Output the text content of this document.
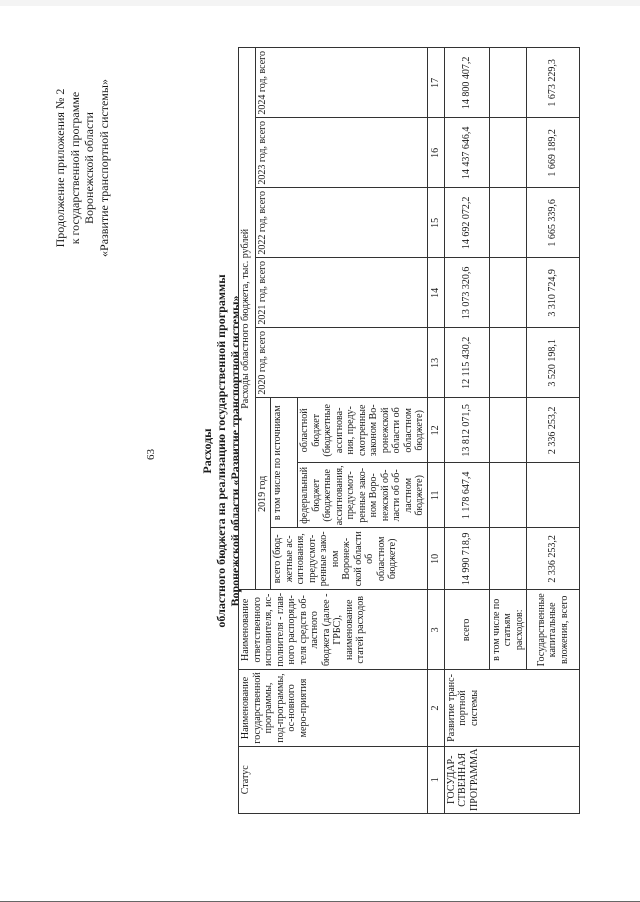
63
Продолжение приложения № 2 к государственной программе Воронежской области «Развитие транспортной системы»
Расходы областного бюджета на реализацию государственной программы Воронежской области «Развитие транспортной системы»
Статус	Наименование государственной программы, под-программы, ос-новного меро-приятия	Наименование ответственного исполнителя, ис-полнителя - глав-ного распоряди-теля средств об-ластного бюджета (далее - ГРБС), наименование статей расходов	Расходы областного бюджета, тыс. рублей							
			2019 год			2020 год, всего	2021 год, всего	2022 год, всего	2023 год, всего	2024 год, всего
			всего (бюд-жетные ас-сигнования, предусмот-ренные зако-ном Воронеж-ской области об областном бюджете)	в том числе по источникам						
				федеральный бюджет (бюджетные ассигнования, предусмот-ренные зако-ном Воро-нежской об-ласти об об-ластном бюджете)	областной бюджет (бюджетные ассигнова-ния, преду-смотренные законом Во-ронежской области об областном бюджете)					
1	2	3	10	11	12	13	14	15	16	17
ГОСУДАР-СТВЕННАЯ ПРОГРАММА	Развитие транс-портной системы	всего	14 990 718,9	1 178 647,4	13 812 071,5	12 115 430,2	13 073 320,6	14 692 072,2	14 437 646,4	14 800 407,2
		в том числе по статьям расходов:								
		Государственные капитальные вложения, всего	2 336 253,2		2 336 253,2	3 520 198,1	3 310 724,9	1 665 339,6	1 669 189,2	1 673 229,3
